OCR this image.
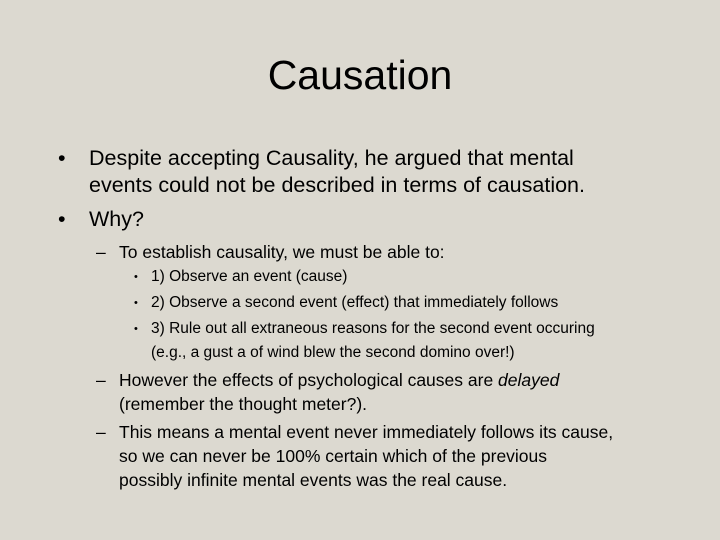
Causation
• Despite accepting Causality, he argued that mental
events could not be described in terms of causation.
• Why?
– To establish causality, we must be able to:
• 1) Observe an event (cause)
• 2) Observe a second event (effect) that immediately follows
• 3) Rule out all extraneous reasons for the second event occuring
(e.g., a gust a of wind blew the second domino over!)
– However the effects of psychological causes are delayed
(remember the thought meter?).
– This means a mental event never immediately follows its cause,
so we can never be 100% certain which of the previous
possibly infinite mental events was the real cause.
